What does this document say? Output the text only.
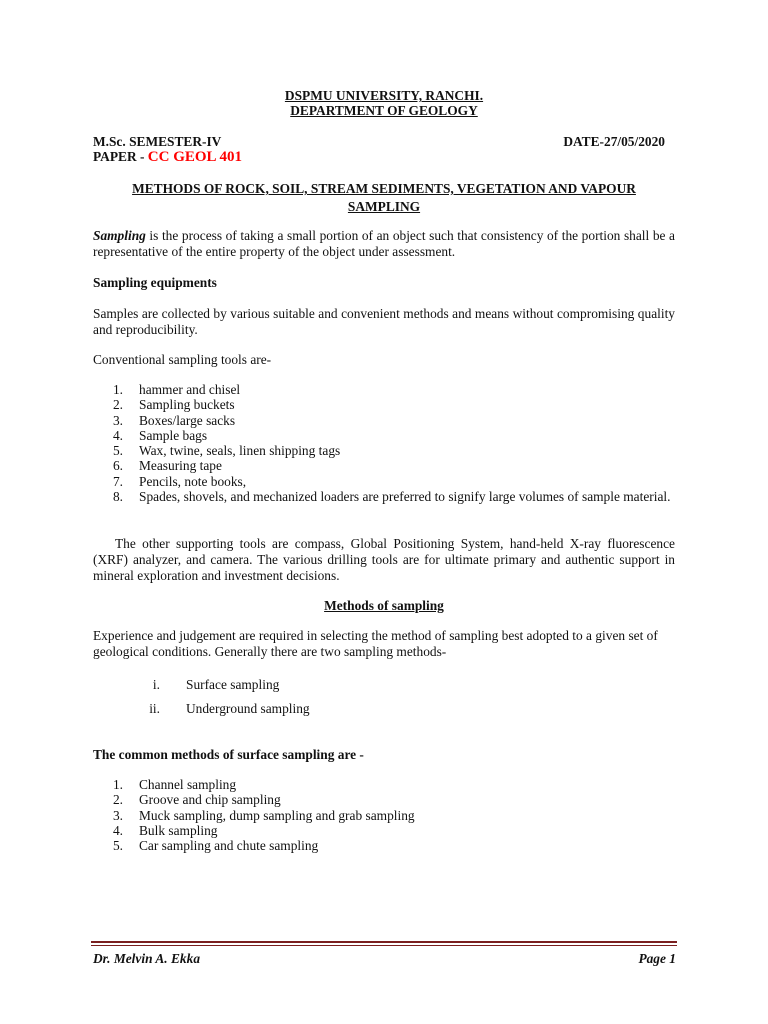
DSPMU UNIVERSITY, RANCHI.
DEPARTMENT OF GEOLOGY
M.Sc. SEMESTER-IV	DATE-27/05/2020
PAPER - CC GEOL 401
METHODS OF ROCK, SOIL, STREAM SEDIMENTS, VEGETATION AND VAPOUR
SAMPLING
Sampling is the process of taking a small portion of an object such that consistency of the portion shall be a representative of the entire property of the object under assessment.
Sampling equipments
Samples are collected by various suitable and convenient methods and means without compromising quality and reproducibility.
Conventional sampling tools are-
1. hammer and chisel
2. Sampling buckets
3. Boxes/large sacks
4. Sample bags
5. Wax, twine, seals, linen shipping tags
6. Measuring tape
7. Pencils, note books,
8. Spades, shovels, and mechanized loaders are preferred to signify large volumes of sample material.
The other supporting tools are compass, Global Positioning System, hand-held X-ray fluorescence (XRF) analyzer, and camera. The various drilling tools are for ultimate primary and authentic support in mineral exploration and investment decisions.
Methods of sampling
Experience and judgement are required in selecting the method of sampling best adopted to a given set of geological conditions. Generally there are two sampling methods-
i. Surface sampling
ii. Underground sampling
The common methods of surface sampling are -
1. Channel sampling
2. Groove and chip sampling
3. Muck sampling, dump sampling and grab sampling
4. Bulk sampling
5. Car sampling and chute sampling
Dr. Melvin A. Ekka	Page 1
